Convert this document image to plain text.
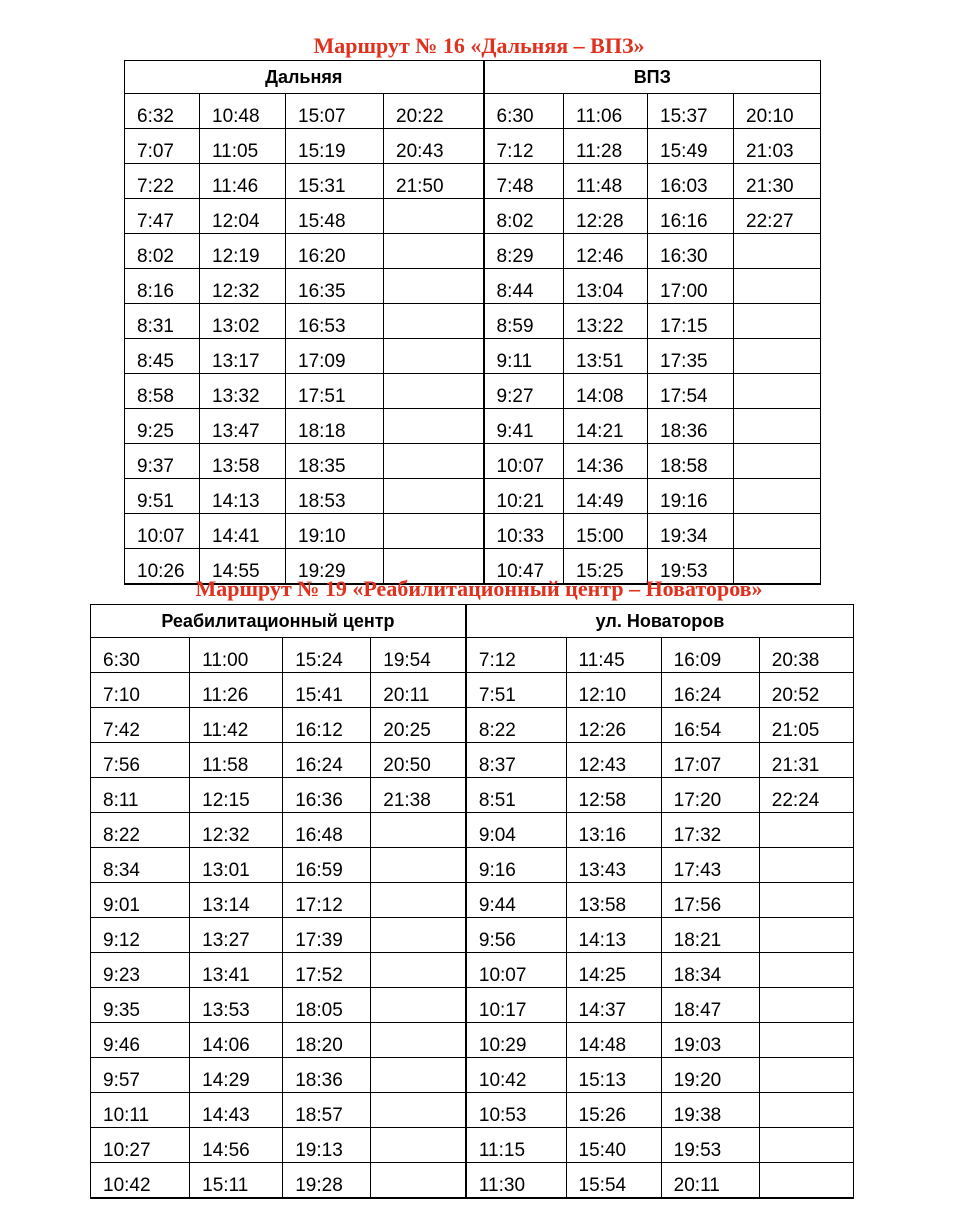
Маршрут № 16 «Дальняя – ВПЗ»
Дальняя				ВПЗ			
6:32	10:48	15:07	20:22	6:30	11:06	15:37	20:10
7:07	11:05	15:19	20:43	7:12	11:28	15:49	21:03
7:22	11:46	15:31	21:50	7:48	11:48	16:03	21:30
7:47	12:04	15:48		8:02	12:28	16:16	22:27
8:02	12:19	16:20		8:29	12:46	16:30	
8:16	12:32	16:35		8:44	13:04	17:00	
8:31	13:02	16:53		8:59	13:22	17:15	
8:45	13:17	17:09		9:11	13:51	17:35	
8:58	13:32	17:51		9:27	14:08	17:54	
9:25	13:47	18:18		9:41	14:21	18:36	
9:37	13:58	18:35		10:07	14:36	18:58	
9:51	14:13	18:53		10:21	14:49	19:16	
10:07	14:41	19:10		10:33	15:00	19:34	
10:26	14:55	19:29		10:47	15:25	19:53	
Маршрут № 19 «Реабилитационный центр – Новаторов»
Реабилитационный центр				ул. Новаторов			
6:30	11:00	15:24	19:54	7:12	11:45	16:09	20:38
7:10	11:26	15:41	20:11	7:51	12:10	16:24	20:52
7:42	11:42	16:12	20:25	8:22	12:26	16:54	21:05
7:56	11:58	16:24	20:50	8:37	12:43	17:07	21:31
8:11	12:15	16:36	21:38	8:51	12:58	17:20	22:24
8:22	12:32	16:48		9:04	13:16	17:32	
8:34	13:01	16:59		9:16	13:43	17:43	
9:01	13:14	17:12		9:44	13:58	17:56	
9:12	13:27	17:39		9:56	14:13	18:21	
9:23	13:41	17:52		10:07	14:25	18:34	
9:35	13:53	18:05		10:17	14:37	18:47	
9:46	14:06	18:20		10:29	14:48	19:03	
9:57	14:29	18:36		10:42	15:13	19:20	
10:11	14:43	18:57		10:53	15:26	19:38	
10:27	14:56	19:13		11:15	15:40	19:53	
10:42	15:11	19:28		11:30	15:54	20:11	
